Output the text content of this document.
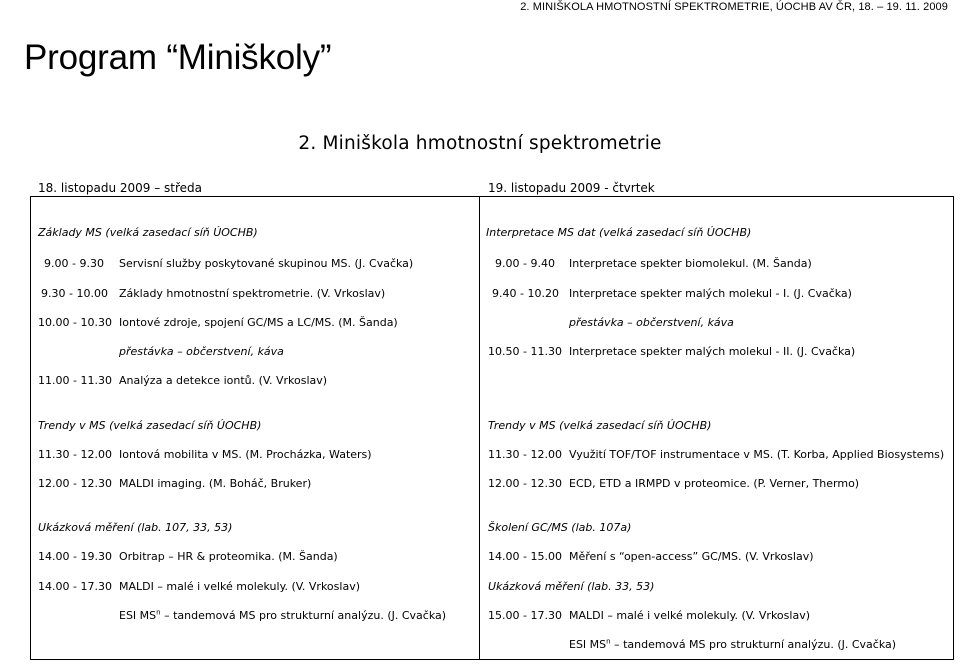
2. MINIŠKOLA HMOTNOSTNÍ SPEKTROMETRIE, ÚOCHB AV ČR, 18. – 19. 11. 2009
Program “Miniškoly”
2. Miniškola hmotnostní spektrometrie
18. listopadu 2009 – středa	19. listopadu 2009 - čtvrtek
Základy MS (velká zasedací síň ÚOCHB)
9.00 - 9.30 Servisní služby poskytované skupinou MS. (J. Cvačka)
9.30 - 10.00 Základy hmotnostní spektrometrie. (V. Vrkoslav)
10.00 - 10.30 Iontové zdroje, spojení GC/MS a LC/MS. (M. Šanda)
přestávka – občerstvení, káva
11.00 - 11.30 Analýza a detekce iontů. (V. Vrkoslav)
Trendy v MS (velká zasedací síň ÚOCHB)
11.30 - 12.00 Iontová mobilita v MS. (M. Procházka, Waters)
12.00 - 12.30 MALDI imaging. (M. Boháč, Bruker)
Ukázková měření (lab. 107, 33, 53)
14.00 - 19.30 Orbitrap – HR & proteomika. (M. Šanda)
14.00 - 17.30 MALDI – malé i velké molekuly. (V. Vrkoslav)
ESI $MS^n$ – tandemová MS pro strukturní analýzu. (J. Cvačka)
Interpretace MS dat (velká zasedací síň ÚOCHB)
9.00 - 9.40 Interpretace spekter biomolekul. (M. Šanda)
9.40 - 10.20 Interpretace spekter malých molekul - I. (J. Cvačka)
přestávka – občerstvení, káva
10.50 - 11.30 Interpretace spekter malých molekul - II. (J. Cvačka)
Trendy v MS (velká zasedací síň ÚOCHB)
11.30 - 12.00 Využití TOF/TOF instrumentace v MS. (T. Korba, Applied Biosystems)
12.00 - 12.30 ECD, ETD a IRMPD v proteomice. (P. Verner, Thermo)
Školení GC/MS (lab. 107a)
14.00 - 15.00 Měření s “open-access” GC/MS. (V. Vrkoslav)
Ukázková měření (lab. 33, 53)
15.00 - 17.30 MALDI – malé i velké molekuly. (V. Vrkoslav)
ESI $MS^n$ – tandemová MS pro strukturní analýzu. (J. Cvačka)
